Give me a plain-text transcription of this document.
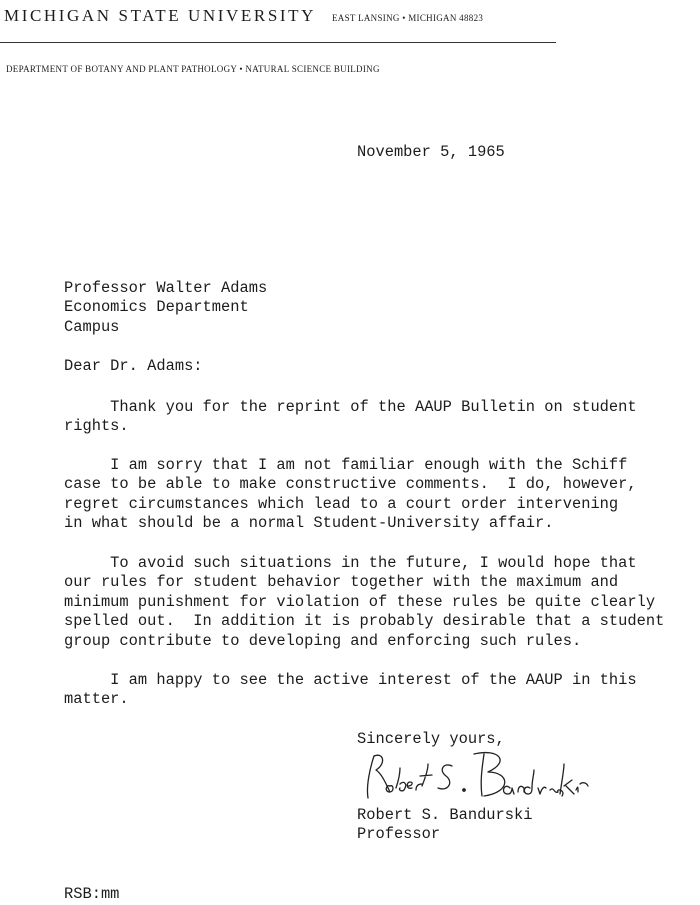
MICHIGAN STATE UNIVERSITY EAST LANSING • MICHIGAN 48823
DEPARTMENT OF BOTANY AND PLANT PATHOLOGY • NATURAL SCIENCE BUILDING
November 5, 1965
Professor Walter Adams
Economics Department
Campus
Dear Dr. Adams:
Thank you for the reprint of the AAUP Bulletin on student
rights.
I am sorry that I am not familiar enough with the Schiff
case to be able to make constructive comments.  I do, however,
regret circumstances which lead to a court order intervening
in what should be a normal Student-University affair.
To avoid such situations in the future, I would hope that
our rules for student behavior together with the maximum and
minimum punishment for violation of these rules be quite clearly
spelled out.  In addition it is probably desirable that a student
group contribute to developing and enforcing such rules.
I am happy to see the active interest of the AAUP in this
matter.
Sincerely yours,
Robert S. Bandurski
Professor
RSB:mm
